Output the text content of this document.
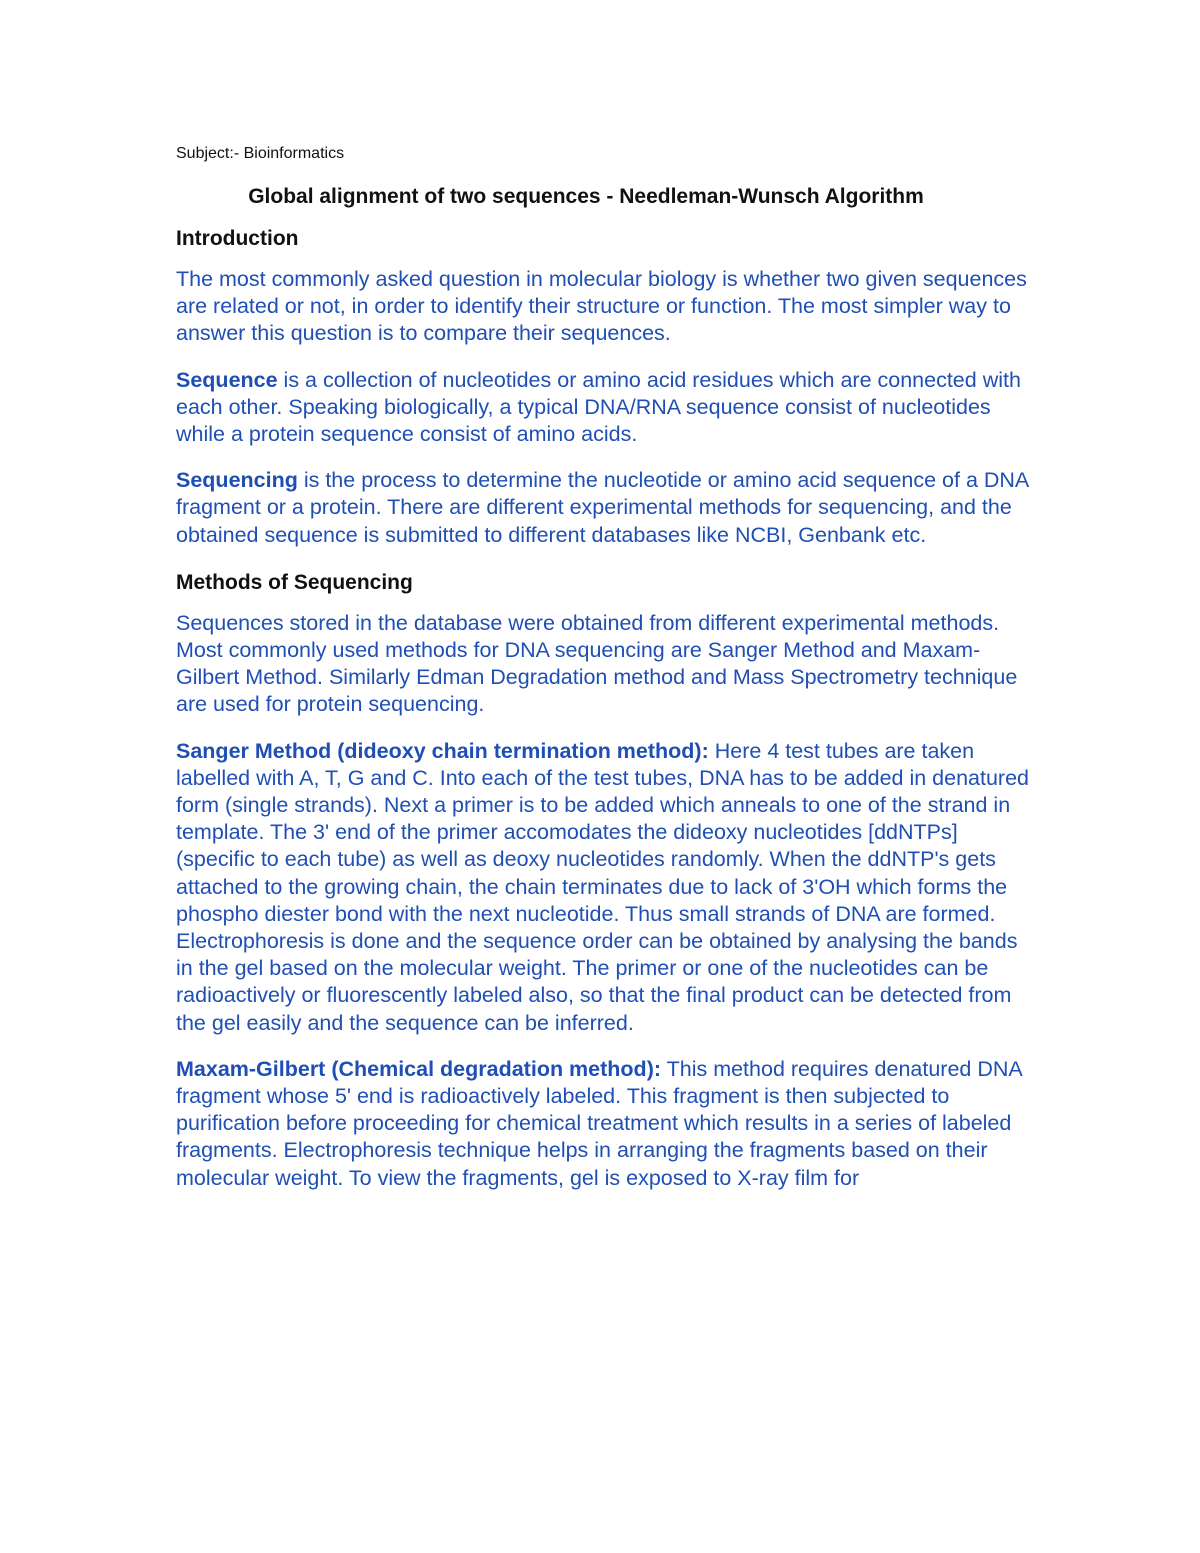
Subject:- Bioinformatics

Global alignment of two sequences - Needleman-Wunsch Algorithm
Introduction

The most commonly asked question in molecular biology is whether two given sequences are related or not, in order to identify their structure or function. The most simpler way to answer this question is to compare their sequences.

Sequence is a collection of nucleotides or amino acid residues which are connected with each other. Speaking biologically, a typical DNA/RNA sequence consist of nucleotides while a protein sequence consist of amino acids.

Sequencing is the process to determine the nucleotide or amino acid sequence of a DNA fragment or a protein. There are different experimental methods for sequencing, and the obtained sequence is submitted to different databases like NCBI, Genbank etc.

Methods of Sequencing

Sequences stored in the database were obtained from different experimental methods. Most commonly used methods for DNA sequencing are Sanger Method and Maxam-Gilbert Method. Similarly Edman Degradation method and Mass Spectrometry technique are used for protein sequencing.

Sanger Method (dideoxy chain termination method): Here 4 test tubes are taken labelled with A, T, G and C. Into each of the test tubes, DNA has to be added in denatured form (single strands). Next a primer is to be added which anneals to one of the strand in template. The 3' end of the primer accomodates the dideoxy nucleotides [ddNTPs] (specific to each tube) as well as deoxy nucleotides randomly. When the ddNTP's gets attached to the growing chain, the chain terminates due to lack of 3'OH which forms the phospho diester bond with the next nucleotide. Thus small strands of DNA are formed. Electrophoresis is done and the sequence order can be obtained by analysing the bands in the gel based on the molecular weight. The primer or one of the nucleotides can be radioactively or fluorescently labeled also, so that the final product can be detected from the gel easily and the sequence can be inferred.

Maxam-Gilbert (Chemical degradation method): This method requires denatured DNA fragment whose 5' end is radioactively labeled. This fragment is then subjected to purification before proceeding for chemical treatment which results in a series of labeled fragments. Electrophoresis technique helps in arranging the fragments based on their molecular weight. To view the fragments, gel is exposed to X-ray film for
